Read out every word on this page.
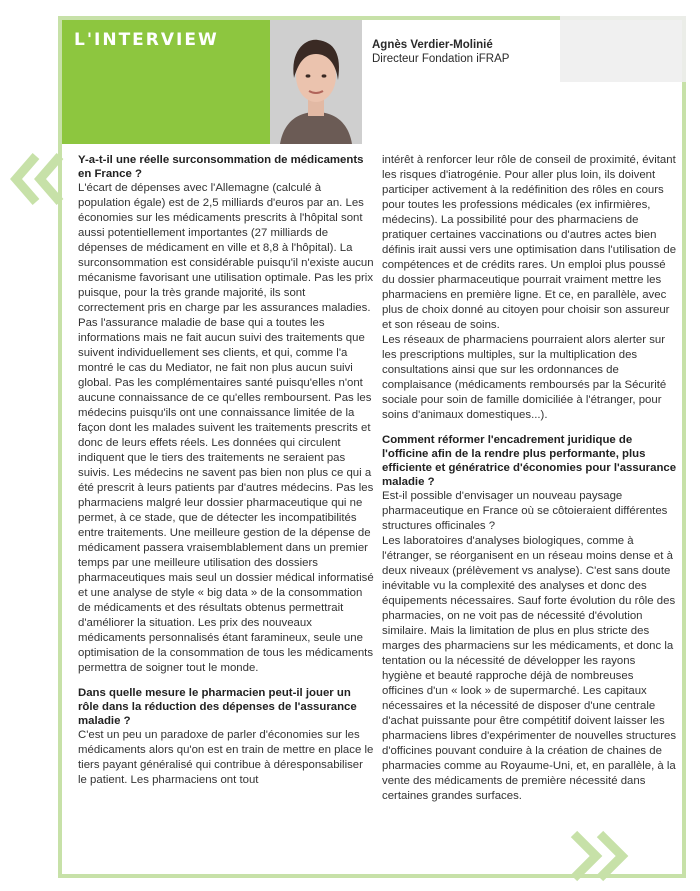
L'INTERVIEW	Agnès Verdier-Molinié
Directeur Fondation iFRAP
Y-a-t-il une réelle surconsommation de médicaments en France ?

L'écart de dépenses avec l'Allemagne (calculé à population égale) est de 2,5 milliards d'euros par an. Les économies sur les médicaments prescrits à l'hôpital sont aussi potentiellement importantes (27 milliards de dépenses de médicament en ville et 8,8 à l'hôpital). La surconsommation est considérable puisqu'il n'existe aucun mécanisme favorisant une utilisation optimale. Pas les prix puisque, pour la très grande majorité, ils sont correctement pris en charge par les assurances maladies. Pas l'assurance maladie de base qui a toutes les informations mais ne fait aucun suivi des traitements que suivent individuellement ses clients, et qui, comme l'a montré le cas du Mediator, ne fait non plus aucun suivi global. Pas les complémentaires santé puisqu'elles n'ont aucune connaissance de ce qu'elles remboursent. Pas les médecins puisqu'ils ont une connaissance limitée de la façon dont les malades suivent les traitements prescrits et donc de leurs effets réels. Les données qui circulent indiquent que le tiers des traitements ne seraient pas suivis. Les médecins ne savent pas bien non plus ce qui a été prescrit à leurs patients par d'autres médecins. Pas les pharmaciens malgré leur dossier pharmaceutique qui ne permet, à ce stade, que de détecter les incompatibilités entre traitements. Une meilleure gestion de la dépense de médicament passera vraisemblablement dans un premier temps par une meilleure utilisation des dossiers pharmaceutiques mais seul un dossier médical informatisé et une analyse de style « big data » de la consommation de médicaments et des résultats obtenus permettrait d'améliorer la situation. Les prix des nouveaux médicaments personnalisés étant faramineux, seule une optimisation de la consommation de tous les médicaments permettra de soigner tout le monde.

Dans quelle mesure le pharmacien peut-il jouer un rôle dans la réduction des dépenses de l'assurance maladie ?

C'est un peu un paradoxe de parler d'économies sur les médicaments alors qu'on est en train de mettre en place le tiers payant généralisé qui contribue à déresponsabiliser le patient. Les pharmaciens ont tout

intérêt à renforcer leur rôle de conseil de proximité, évitant les risques d'iatrogénie. Pour aller plus loin, ils doivent participer activement à la redéfinition des rôles en cours pour toutes les professions médicales (ex infirmières, médecins). La possibilité pour des pharmaciens de pratiquer certaines vaccinations ou d'autres actes bien définis irait aussi vers une optimisation dans l'utilisation de compétences et de crédits rares. Un emploi plus poussé du dossier pharmaceutique pourrait vraiment mettre les pharmaciens en première ligne. Et ce, en parallèle, avec plus de choix donné au citoyen pour choisir son assureur et son réseau de soins.

Les réseaux de pharmaciens pourraient alors alerter sur les prescriptions multiples, sur la multiplication des consultations ainsi que sur les ordonnances de complaisance (médicaments remboursés par la Sécurité sociale pour soin de famille domiciliée à l'étranger, pour soins d'animaux domestiques...).

Comment réformer l'encadrement juridique de l'officine afin de la rendre plus performante, plus efficiente et génératrice d'économies pour l'assurance maladie ?

Est-il possible d'envisager un nouveau paysage pharmaceutique en France où se côtoieraient différentes structures officinales ?

Les laboratoires d'analyses biologiques, comme à l'étranger, se réorganisent en un réseau moins dense et à deux niveaux (prélèvement vs analyse). C'est sans doute inévitable vu la complexité des analyses et donc des équipements nécessaires. Sauf forte évolution du rôle des pharmacies, on ne voit pas de nécessité d'évolution similaire. Mais la limitation de plus en plus stricte des marges des pharmaciens sur les médicaments, et donc la tentation ou la nécessité de développer les rayons hygiène et beauté rapproche déjà de nombreuses officines d'un « look » de supermarché. Les capitaux nécessaires et la nécessité de disposer d'une centrale d'achat puissante pour être compétitif doivent laisser les pharmaciens libres d'expérimenter de nouvelles structures d'officines pouvant conduire à la création de chaines de pharmacies comme au Royaume-Uni, et, en parallèle, à la vente des médicaments de première nécessité dans certaines grandes surfaces.
